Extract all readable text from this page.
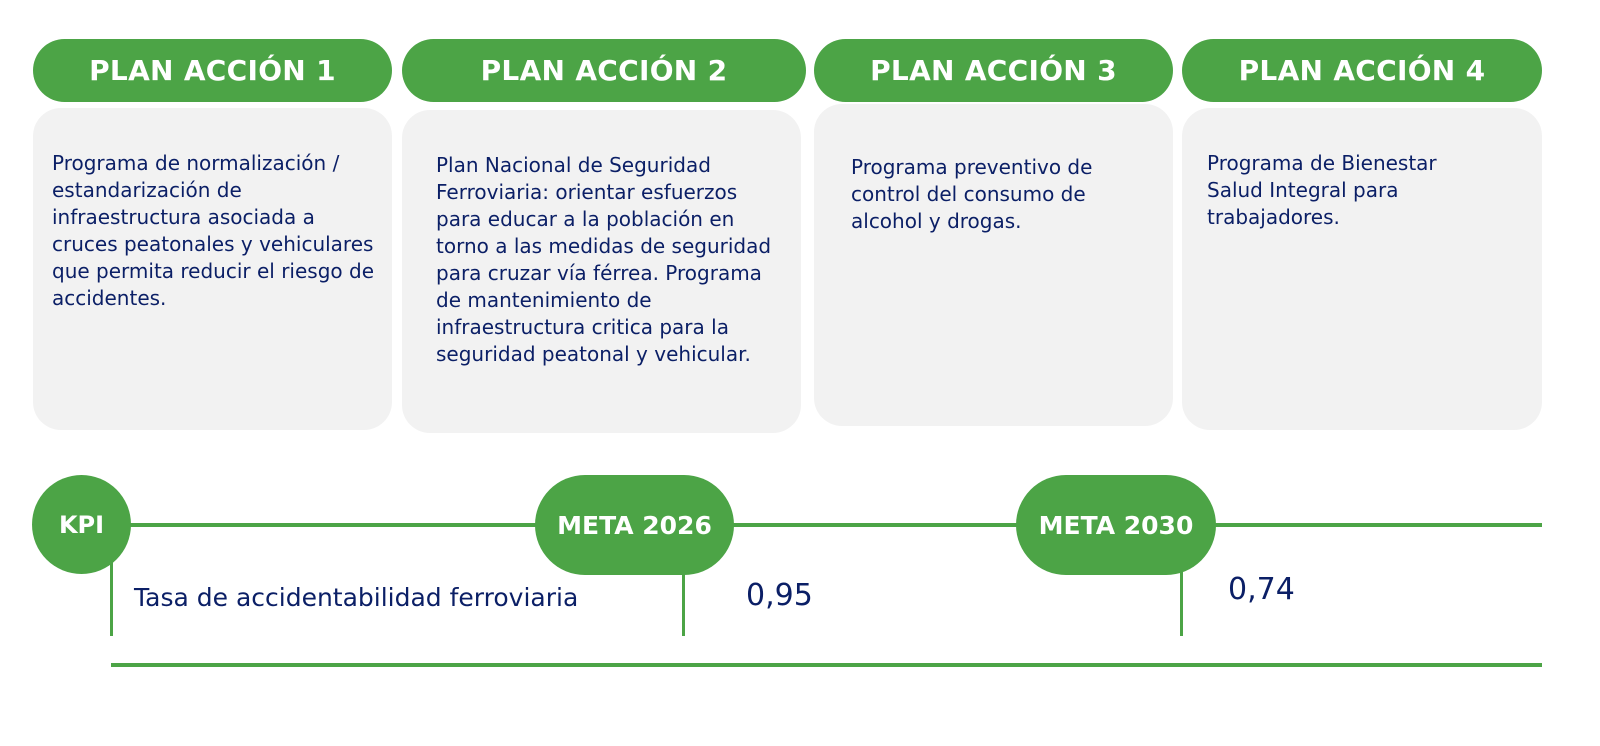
PLAN ACCIÓN 1	PLAN ACCIÓN 2	PLAN ACCIÓN 3	PLAN ACCIÓN 4

Programa de normalización / estandarización de infraestructura asociada a cruces peatonales y vehiculares que permita reducir el riesgo de accidentes.

Plan Nacional de Seguridad Ferroviaria: orientar esfuerzos para educar a la población en torno a las medidas de seguridad para cruzar vía férrea. Programa de mantenimiento de infraestructura critica para la seguridad peatonal y vehicular.

Programa preventivo de control del consumo de alcohol y drogas.

Programa de Bienestar Salud Integral para trabajadores.

KPI	META 2026	META 2030
Tasa de accidentabilidad ferroviaria	0,95	0,74
